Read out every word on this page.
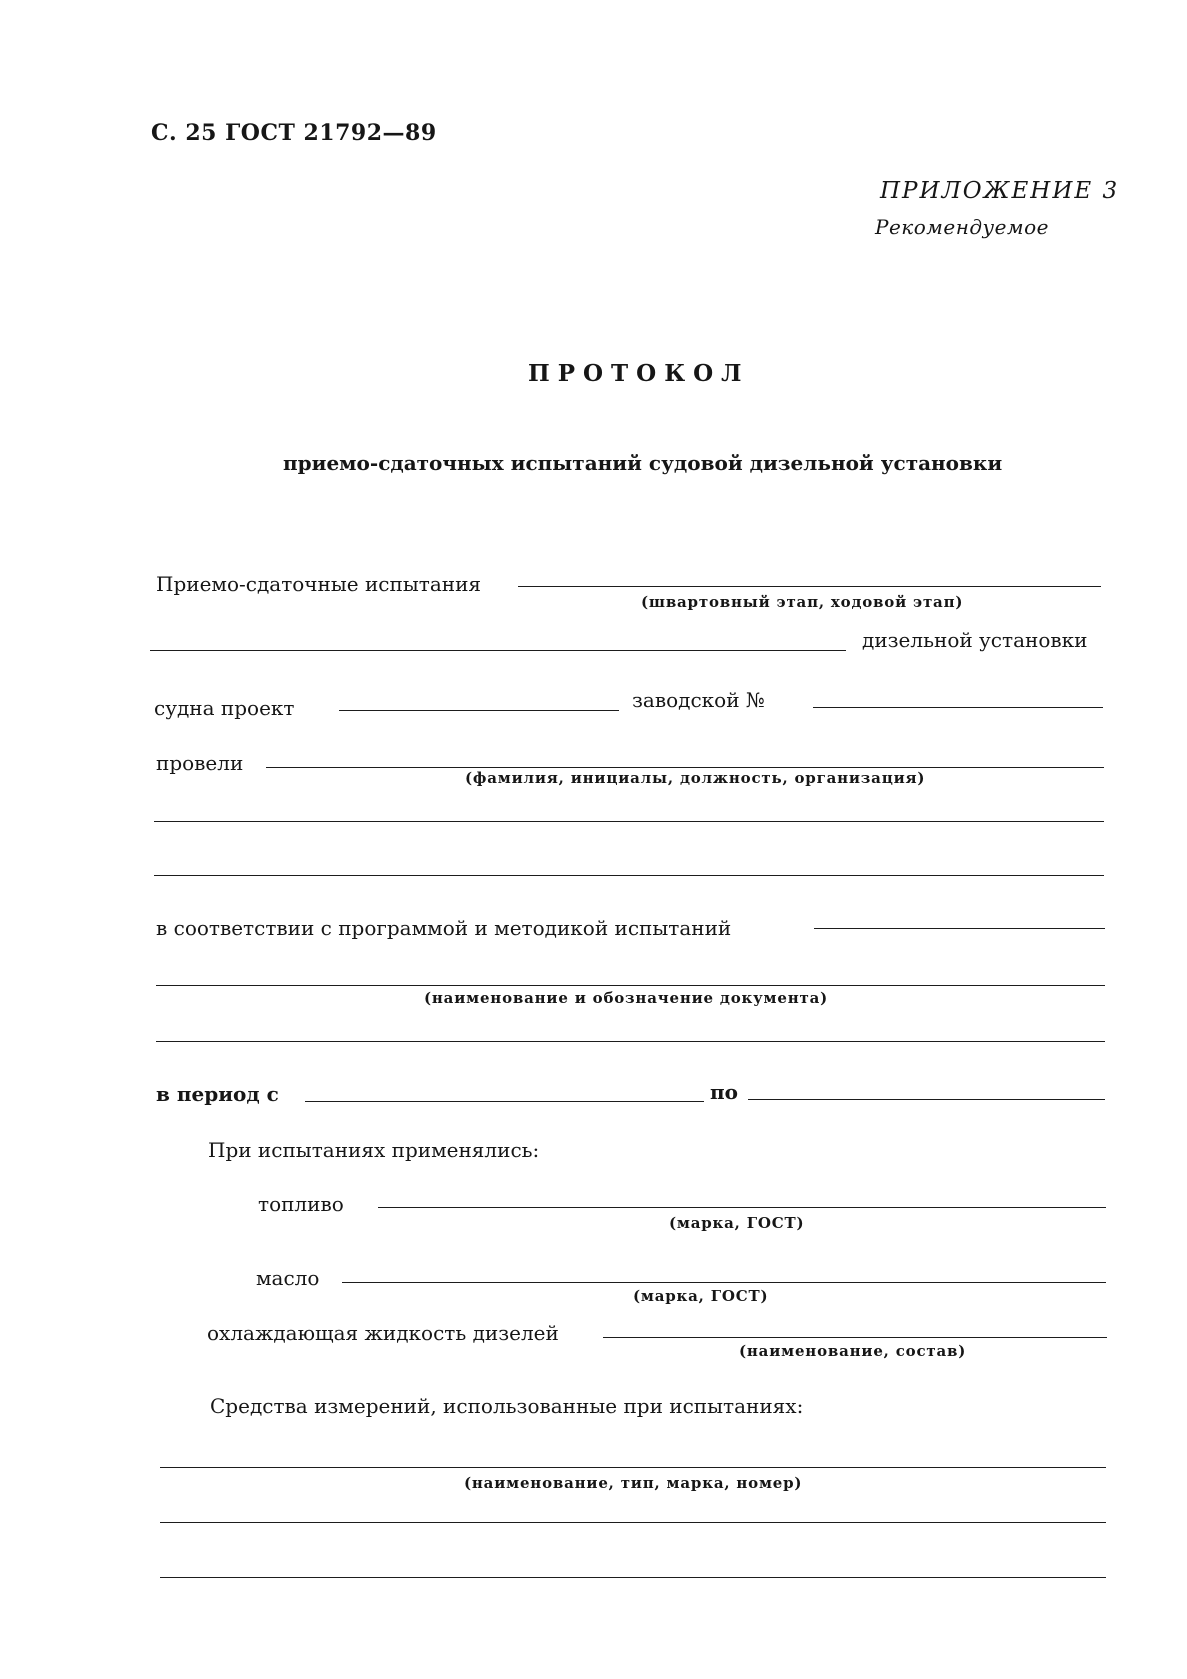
С. 25 ГОСТ 21792—89
ПРИЛОЖЕНИЕ 3
Рекомендуемое
ПРОТОКОЛ
приемо-сдаточных испытаний судовой дизельной установки
Приемо-сдаточные испытания
(швартовный этап, ходовой этап)
дизельной установки
судна проект	заводской №
провели
(фамилия, инициалы, должность, организация)
в соответствии с программой и методикой испытаний
(наименование и обозначение документа)
в период с	по
При испытаниях применялись:
топливо
(марка, ГОСТ)
масло
(марка, ГОСТ)
охлаждающая жидкость дизелей
(наименование, состав)
Средства измерений, использованные при испытаниях:
(наименование, тип, марка, номер)
